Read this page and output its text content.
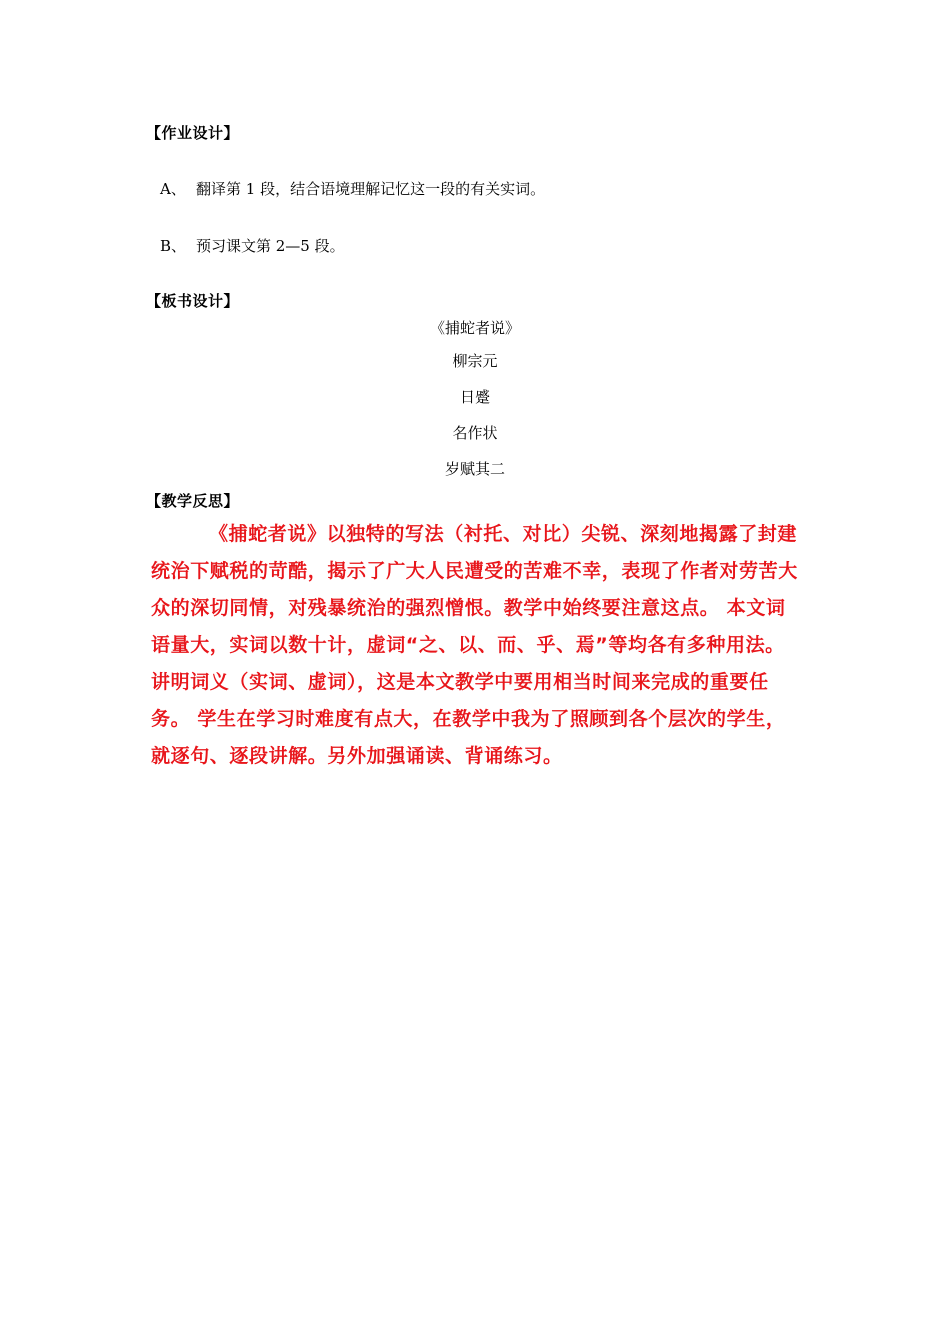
【作业设计】
A、 翻译第 1 段，结合语境理解记忆这一段的有关实词。
B、 预习课文第 2—5 段。
【板书设计】
《捕蛇者说》
柳宗元
日蹙
名作状
岁赋其二
【教学反思】

《捕蛇者说》以独特的写法（衬托、对比）尖锐、深刻地揭露了封建统治下赋税的苛酷，揭示了广大人民遭受的苦难不幸，表现了作者对劳苦大众的深切同情，对残暴统治的强烈憎恨。教学中始终要注意这点。 本文词语量大，实词以数十计，虚词“之、以、而、乎、焉”等均各有多种用法。讲明词义（实词、虚词），这是本文教学中要用相当时间来完成的重要任务。 学生在学习时难度有点大，在教学中我为了照顾到各个层次的学生，就逐句、逐段讲解。另外加强诵读、背诵练习。
